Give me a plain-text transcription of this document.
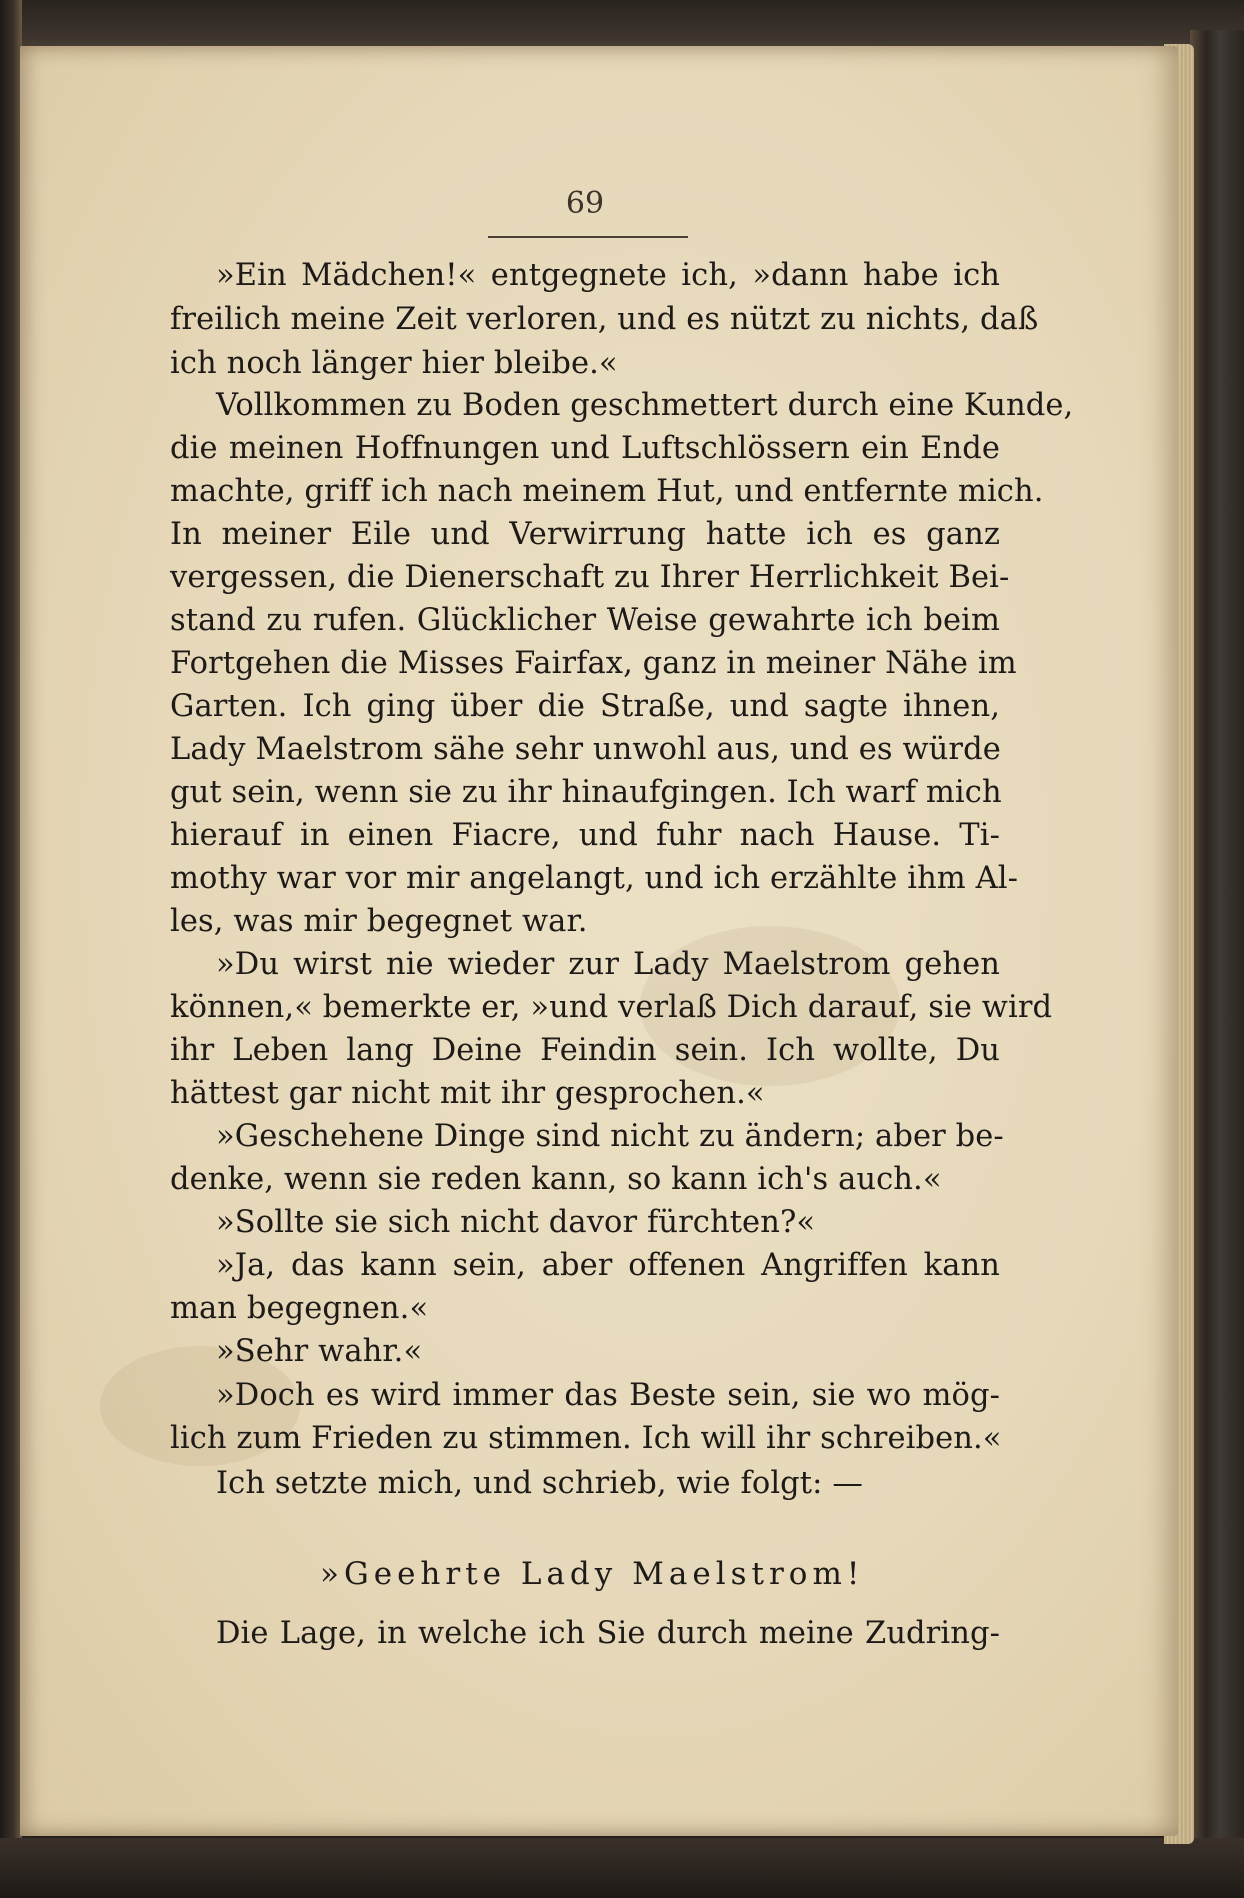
69
»Ein Mädchen!« entgegnete ich, »dann habe ich
freilich meine Zeit verloren, und es nützt zu nichts, daß
ich noch länger hier bleibe.«
Vollkommen zu Boden geschmettert durch eine Kunde,
die meinen Hoffnungen und Luftschlössern ein Ende
machte, griff ich nach meinem Hut, und entfernte mich.
In meiner Eile und Verwirrung hatte ich es ganz
vergessen, die Dienerschaft zu Ihrer Herrlichkeit Bei-
stand zu rufen. Glücklicher Weise gewahrte ich beim
Fortgehen die Misses Fairfax, ganz in meiner Nähe im
Garten. Ich ging über die Straße, und sagte ihnen,
Lady Maelstrom sähe sehr unwohl aus, und es würde
gut sein, wenn sie zu ihr hinaufgingen. Ich warf mich
hierauf in einen Fiacre, und fuhr nach Hause. Ti-
mothy war vor mir angelangt, und ich erzählte ihm Al-
les, was mir begegnet war.
»Du wirst nie wieder zur Lady Maelstrom gehen
können,« bemerkte er, »und verlaß Dich darauf, sie wird
ihr Leben lang Deine Feindin sein. Ich wollte, Du
hättest gar nicht mit ihr gesprochen.«
»Geschehene Dinge sind nicht zu ändern; aber be-
denke, wenn sie reden kann, so kann ich's auch.«
»Sollte sie sich nicht davor fürchten?«
»Ja, das kann sein, aber offenen Angriffen kann
man begegnen.«
»Sehr wahr.«
»Doch es wird immer das Beste sein, sie wo mög-
lich zum Frieden zu stimmen. Ich will ihr schreiben.«
Ich setzte mich, und schrieb, wie folgt: —
»Geehrte Lady Maelstrom!
Die Lage, in welche ich Sie durch meine Zudring-
